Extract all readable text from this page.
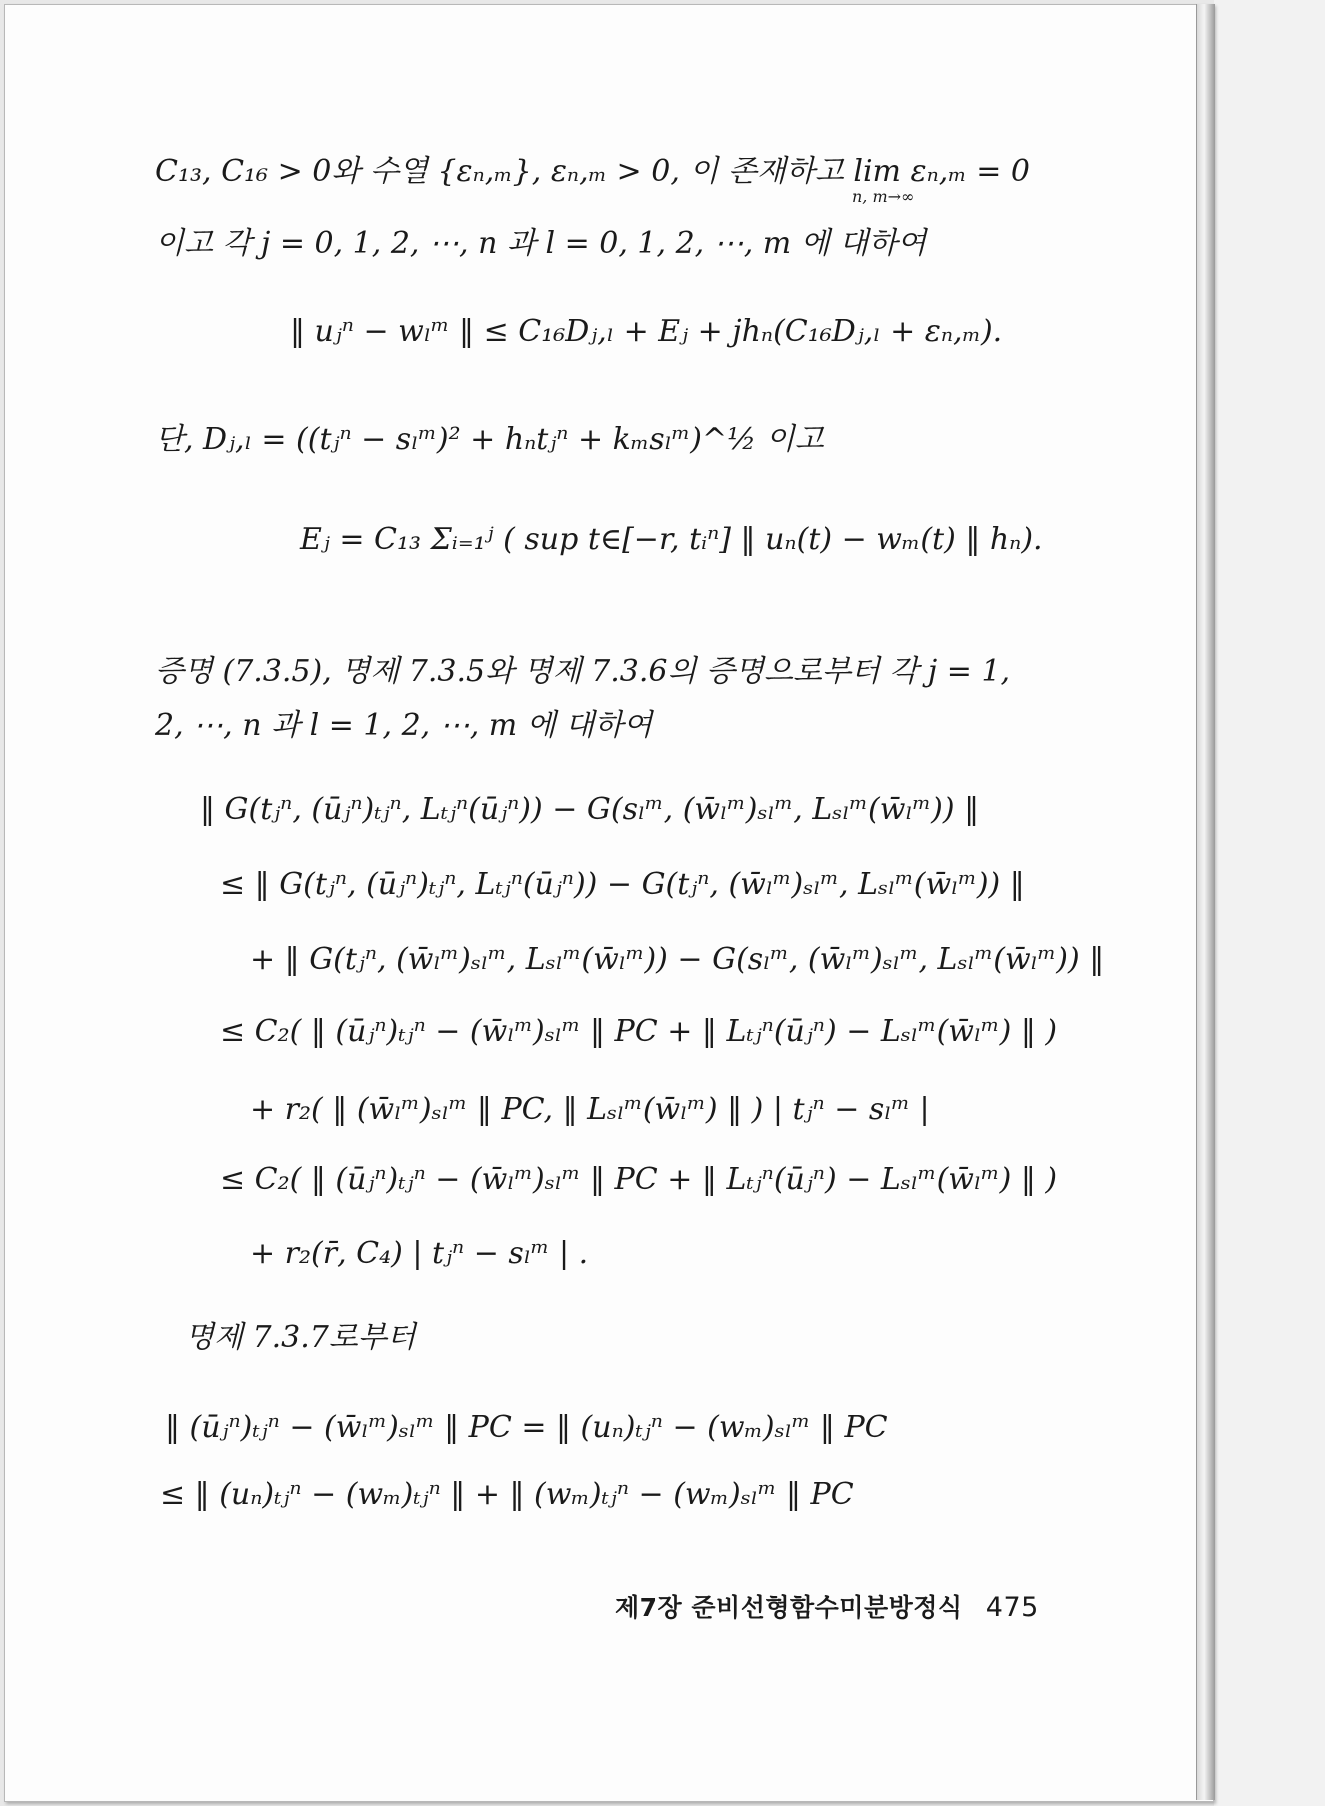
C₁₃, C₁₆ > 0와 수열 {εₙ,ₘ}, εₙ,ₘ > 0, 이 존재하고 lim εₙ,ₘ = 0
n, m→∞
이고 각 j = 0, 1, 2, ⋯, n 과 l = 0, 1, 2, ⋯, m 에 대하여
‖ uⱼⁿ − wₗᵐ ‖ ≤ C₁₆Dⱼ,ₗ + Eⱼ + jhₙ(C₁₆Dⱼ,ₗ + εₙ,ₘ).
단, Dⱼ,ₗ = ((tⱼⁿ − sₗᵐ)² + hₙtⱼⁿ + kₘsₗᵐ)^½ 이고
Eⱼ = C₁₃ Σᵢ₌₁ʲ ( sup t∈[−r, tᵢⁿ] ‖ uₙ(t) − wₘ(t) ‖ hₙ).
증명 (7.3.5), 명제 7.3.5와 명제 7.3.6의 증명으로부터 각 j = 1,
2, ⋯, n 과 l = 1, 2, ⋯, m 에 대하여
‖ G(tⱼⁿ, (ūⱼⁿ)ₜⱼⁿ, Lₜⱼⁿ(ūⱼⁿ)) − G(sₗᵐ, (w̄ₗᵐ)ₛₗᵐ, Lₛₗᵐ(w̄ₗᵐ)) ‖
≤ ‖ G(tⱼⁿ, (ūⱼⁿ)ₜⱼⁿ, Lₜⱼⁿ(ūⱼⁿ)) − G(tⱼⁿ, (w̄ₗᵐ)ₛₗᵐ, Lₛₗᵐ(w̄ₗᵐ)) ‖
+ ‖ G(tⱼⁿ, (w̄ₗᵐ)ₛₗᵐ, Lₛₗᵐ(w̄ₗᵐ)) − G(sₗᵐ, (w̄ₗᵐ)ₛₗᵐ, Lₛₗᵐ(w̄ₗᵐ)) ‖
≤ C₂( ‖ (ūⱼⁿ)ₜⱼⁿ − (w̄ₗᵐ)ₛₗᵐ ‖ PC + ‖ Lₜⱼⁿ(ūⱼⁿ) − Lₛₗᵐ(w̄ₗᵐ) ‖ )
+ r₂( ‖ (w̄ₗᵐ)ₛₗᵐ ‖ PC, ‖ Lₛₗᵐ(w̄ₗᵐ) ‖ ) | tⱼⁿ − sₗᵐ |
≤ C₂( ‖ (ūⱼⁿ)ₜⱼⁿ − (w̄ₗᵐ)ₛₗᵐ ‖ PC + ‖ Lₜⱼⁿ(ūⱼⁿ) − Lₛₗᵐ(w̄ₗᵐ) ‖ )
+ r₂(r̄, C₄) | tⱼⁿ − sₗᵐ | .
명제 7.3.7로부터
‖ (ūⱼⁿ)ₜⱼⁿ − (w̄ₗᵐ)ₛₗᵐ ‖ PC = ‖ (uₙ)ₜⱼⁿ − (wₘ)ₛₗᵐ ‖ PC
≤ ‖ (uₙ)ₜⱼⁿ − (wₘ)ₜⱼⁿ ‖ + ‖ (wₘ)ₜⱼⁿ − (wₘ)ₛₗᵐ ‖ PC
제7장 준비선형함수미분방정식 475
